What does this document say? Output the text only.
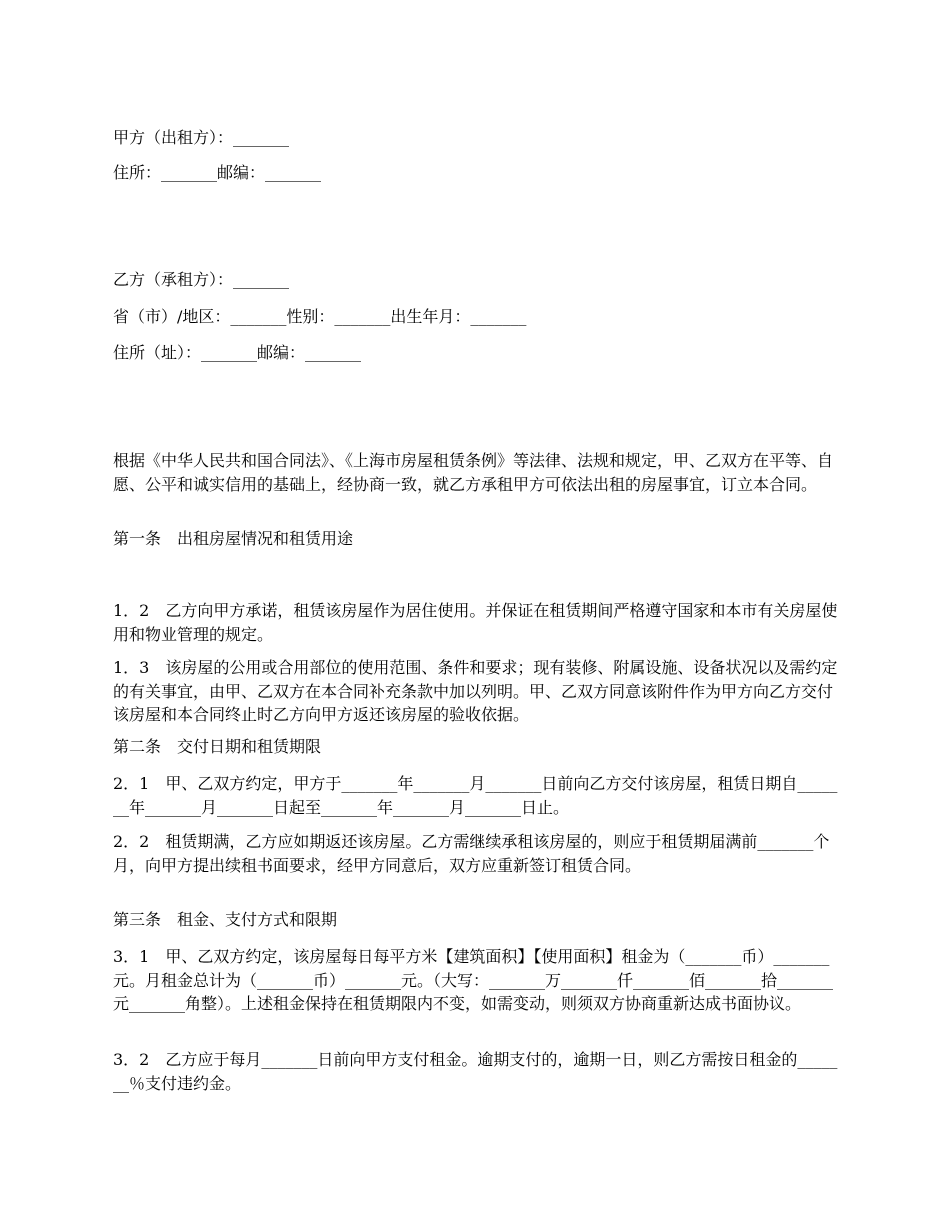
甲方（出租方）：_______

住所：_______邮编：_______

乙方（承租方）：_______

省（市）/地区：_______性别：_______出生年月：_______

住所（址）：_______邮编：_______

根据《中华人民共和国合同法》、《上海市房屋租赁条例》等法律、法规和规定，甲、乙双方在平等、自愿、公平和诚实信用的基础上，经协商一致，就乙方承租甲方可依法出租的房屋事宜，订立本合同。

第一条　出租房屋情况和租赁用途

1．2　乙方向甲方承诺，租赁该房屋作为居住使用。并保证在租赁期间严格遵守国家和本市有关房屋使用和物业管理的规定。

1．3　该房屋的公用或合用部位的使用范围、条件和要求；现有装修、附属设施、设备状况以及需约定的有关事宜，由甲、乙双方在本合同补充条款中加以列明。甲、乙双方同意该附件作为甲方向乙方交付该房屋和本合同终止时乙方向甲方返还该房屋的验收依据。

第二条　交付日期和租赁期限

2．1　甲、乙双方约定，甲方于_______年_______月_______日前向乙方交付该房屋，租赁日期自_______年_______月_______日起至_______年_______月_______日止。

2．2　租赁期满，乙方应如期返还该房屋。乙方需继续承租该房屋的，则应于租赁期届满前_______个月，向甲方提出续租书面要求，经甲方同意后，双方应重新签订租赁合同。

第三条　租金、支付方式和限期

3．1　甲、乙双方约定，该房屋每日每平方米【建筑面积】【使用面积】租金为（_______币）_______元。月租金总计为（_______币）_______元。（大写：_______万_______仟_______佰_______拾_______元_______角整）。上述租金保持在租赁期限内不变，如需变动，则须双方协商重新达成书面协议。

3．2　乙方应于每月_______日前向甲方支付租金。逾期支付的，逾期一日，则乙方需按日租金的_______％支付违约金。
